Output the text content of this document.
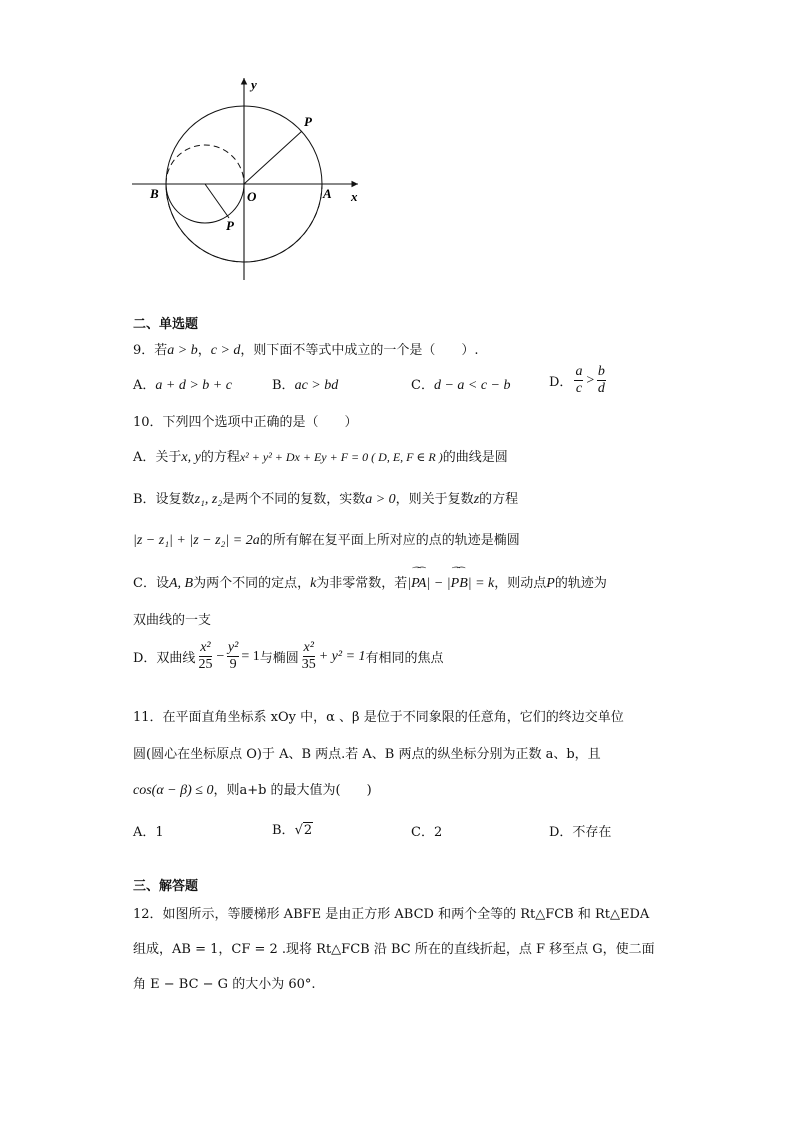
y
x
P
P
B	O	A
二、单选题
9．若a > b，c > d，则下面不等式中成立的一个是（　　）.
A．a + d > b + c	B．ac > bd	C．d − a < c − b	D． $\frac{a}{c} > \frac{b}{d}$
10．下列四个选项中正确的是（　　）
A．关于x, y的方程x² + y² + Dx + Ey + F = 0 ( D, E, F ∈ R )的曲线是圆
B．设复数z₁, z₂是两个不同的复数，实数a > 0，则关于复数z的方程
|z − z₁| + |z − z₂| = 2a的所有解在复平面上所对应的点的轨迹是椭圆
C．设A, B为两个不同的定点，k为非零常数，若|⁀⁀ PA| − |⁀⁀ PB| = k，则动点P的轨迹为
双曲线的一支
D．双曲线 $\frac{\text{x²}}{25} - \frac{\text{y²}}{9} = 1$ 与椭圆 $\frac{\text{x²}}{35} + y^2 = 1$ 有相同的焦点
11．在平面直角坐标系 xOy 中，α 、β 是位于不同象限的任意角，它们的终边交单位
圆(圆心在坐标原点 O)于 A、B 两点.若 A、B 两点的纵坐标分别为正数 a、b，且
cos(α − β) ≤ 0，则a+b 的最大值为(　　)
A．1	B．√2	C．2	D．不存在
三、解答题
12．如图所示，等腰梯形 ABFE 是由正方形 ABCD 和两个全等的 Rt△FCB 和 Rt△EDA
组成，AB = 1，CF = 2 .现将 Rt△FCB 沿 BC 所在的直线折起，点 F 移至点 G，使二面
角 E − BC − G 的大小为 60°.
